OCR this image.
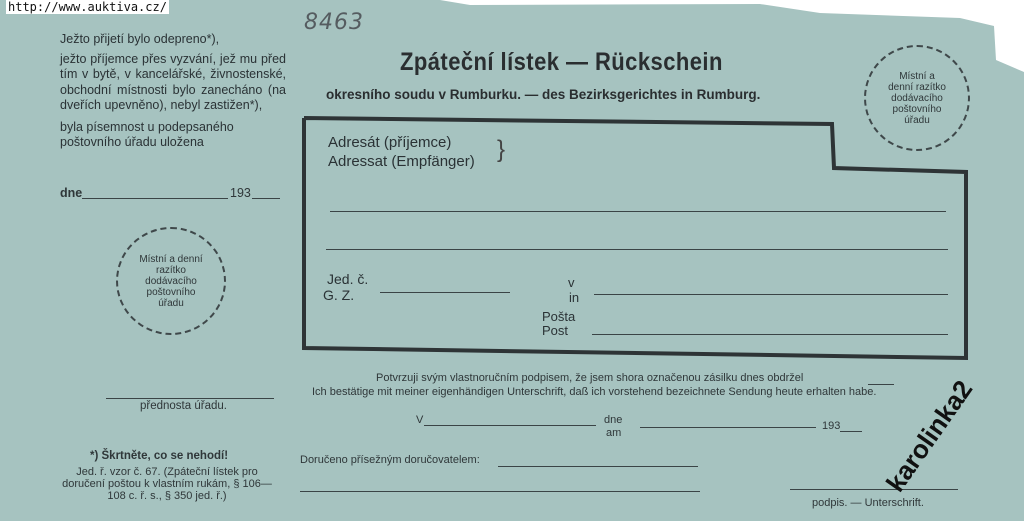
http://www.auktiva.cz/
8463
Zpáteční lístek — Rückschein
okresního soudu v Rumburku. — des Bezirksgerichtes in Rumburg.

Ježto přijetí bylo odepreno*),

ježto příjemce přes vyzvání, jež mu před tím v bytě, v kancelářské, živnostenské, obchodní místnosti bylo zanecháno (na dveřích upevněno), nebyl zastižen*),

byla písemnost u podepsaného poštovního úřadu uložena

dne	193
Místní a denní razítko dodávacího poštovního úřadu
přednosta úřadu.
*) Škrtněte, co se nehodí!
Jed. ř. vzor č. 67. (Zpáteční lístek pro doručení poštou k vlastním rukám, § 106—108 c. ř. s., § 350 jed. ř.)
Místní a denní razítko dodávacího poštovního úřadu
Adresát (příjemce)
Adressat (Empfänger) }
Jed. č.
G. Z.
v
in
Pošta
Post
Potvrzuji svým vlastnoručním podpisem, že jsem shora označenou zásilku dnes obdržel
Ich bestätige mit meiner eigenhändigen Unterschrift, daß ich vorstehend bezeichnete Sendung heute erhalten habe.
V	dne
am
193
Doručeno přísežným doručovatelem:
podpis. — Unterschrift.
karolinka2
